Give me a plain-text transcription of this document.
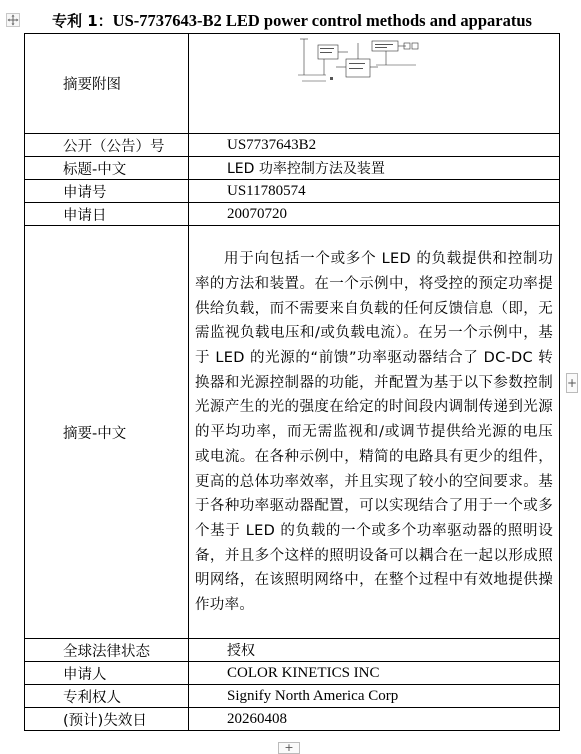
专利 1：US-7737643-B2 LED power control methods and apparatus
摘要附图	
公开（公告）号	US7737643B2
标题-中文	LED 功率控制方法及装置
申请号	US11780574
申请日	20070720
摘要-中文	用于向包括一个或多个 LED 的负载提供和控制功率的方法和装置。在一个示例中，将受控的预定功率提供给负载，而不需要来自负载的任何反馈信息（即，无需监视负载电压和/或负载电流）。在另一个示例中，基于 LED 的光源的“前馈”功率驱动器结合了 DC-DC 转换器和光源控制器的功能，并配置为基于以下参数控制光源产生的光的强度在给定的时间段内调制传递到光源的平均功率，而无需监视和/或调节提供给光源的电压或电流。在各种示例中，精简的电路具有更少的组件，更高的总体功率效率，并且实现了较小的空间要求。基于各种功率驱动器配置，可以实现结合了用于一个或多个基于 LED 的负载的一个或多个功率驱动器的照明设备，并且多个这样的照明设备可以耦合在一起以形成照明网络，在该照明网络中，在整个过程中有效地提供操作功率。
全球法律状态	授权
申请人	COLOR KINETICS INC
专利权人	Signify North America Corp
(预计)失效日	20260408
+
+
